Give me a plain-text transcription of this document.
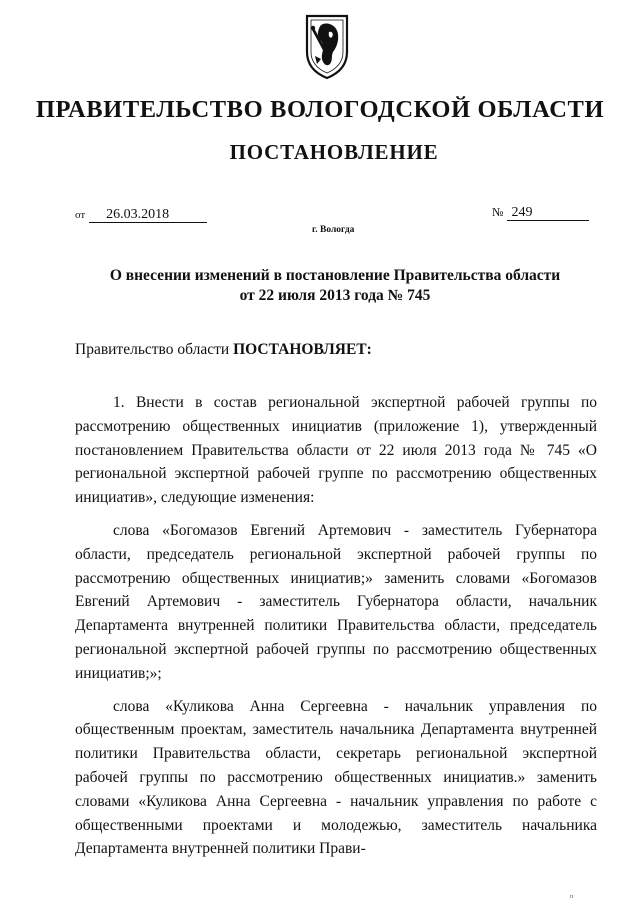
ПРАВИТЕЛЬСТВО ВОЛОГОДСКОЙ ОБЛАСТИ
ПОСТАНОВЛЕНИЕ
от 26.03.2018	№ 249
г. Вологда
О внесении изменений в постановление Правительства области
от 22 июля 2013 года № 745
Правительство области ПОСТАНОВЛЯЕТ:

1. Внести в состав региональной экспертной рабочей группы по рассмотрению общественных инициатив (приложение 1), утвержденный постановлением Правительства области от 22 июля 2013 года № 745 «О региональной экспертной рабочей группе по рассмотрению общественных инициатив», следующие изменения:

слова «Богомазов Евгений Артемович - заместитель Губернатора области, председатель региональной экспертной рабочей группы по рассмотрению общественных инициатив;» заменить словами «Богомазов Евгений Артемович - заместитель Губернатора области, начальник Департамента внутренней политики Правительства области, председатель региональной экспертной рабочей группы по рассмотрению общественных инициатив;»;

слова «Куликова Анна Сергеевна - начальник управления по общественным проектам, заместитель начальника Департамента внутренней политики Правительства области, секретарь региональной экспертной рабочей группы по рассмотрению общественных инициатив.» заменить словами «Куликова Анна Сергеевна - начальник управления по работе с общественными проектами и молодежью, заместитель начальника Департамента внутренней политики Прави-

п
